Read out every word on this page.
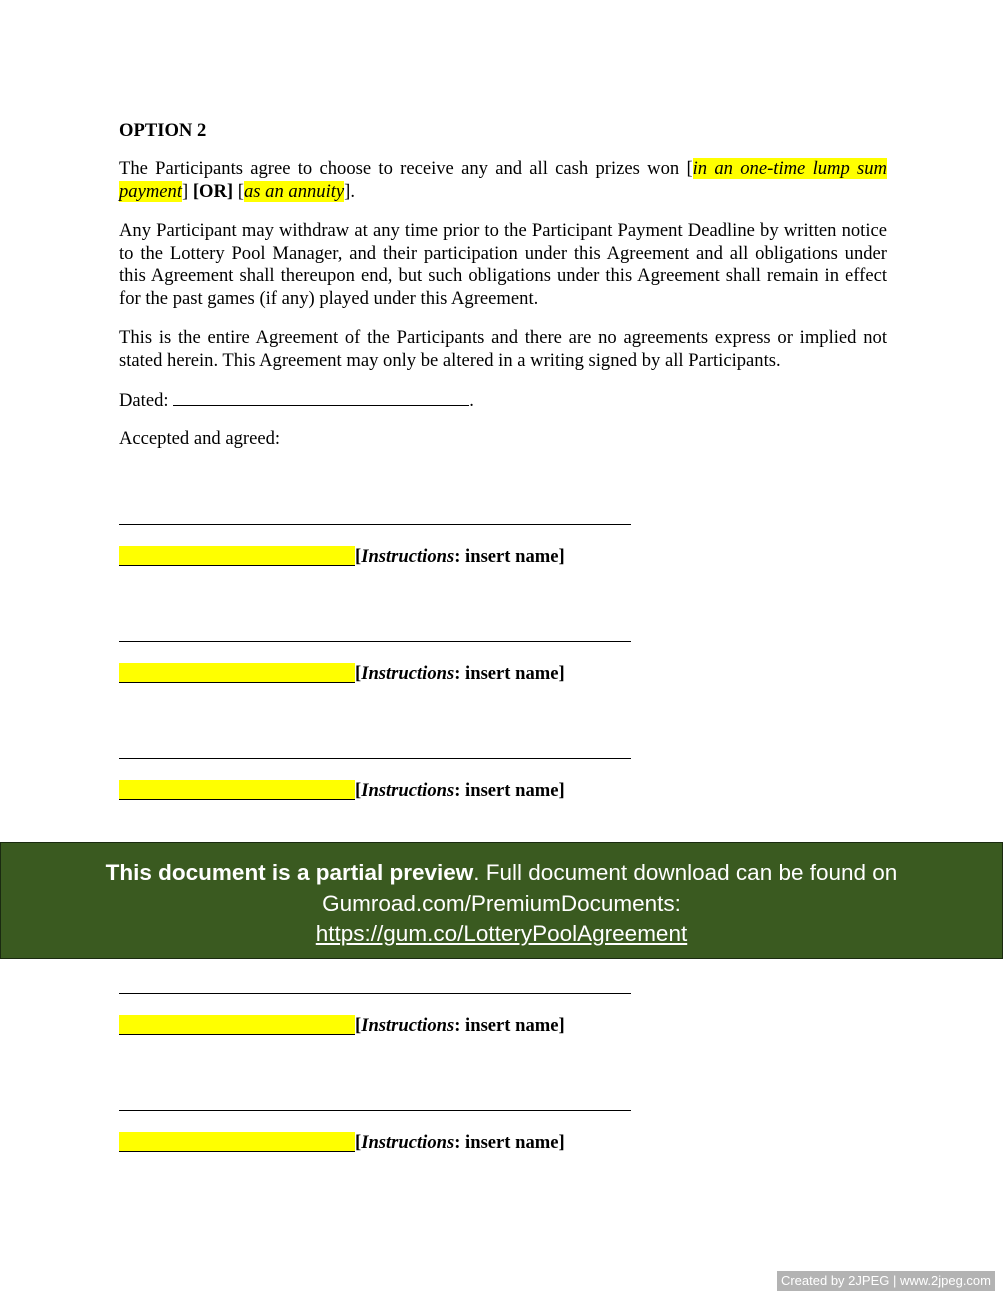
OPTION 2
The Participants agree to choose to receive any and all cash prizes won [in an one-time lump sum payment] [OR] [as an annuity].
Any Participant may withdraw at any time prior to the Participant Payment Deadline by written notice to the Lottery Pool Manager, and their participation under this Agreement and all obligations under this Agreement shall thereupon end, but such obligations under this Agreement shall remain in effect for the past games (if any) played under this Agreement.
This is the entire Agreement of the Participants and there are no agreements express or implied not stated herein. This Agreement may only be altered in a writing signed by all Participants.
Dated:	.
Accepted and agreed:
[Instructions: insert name]
[Instructions: insert name]
[Instructions: insert name]
This document is a partial preview. Full document download can be found on
Gumroad.com/PremiumDocuments:
https://gum.co/LotteryPoolAgreement
[Instructions: insert name]
[Instructions: insert name]
Created by 2JPEG | www.2jpeg.com
